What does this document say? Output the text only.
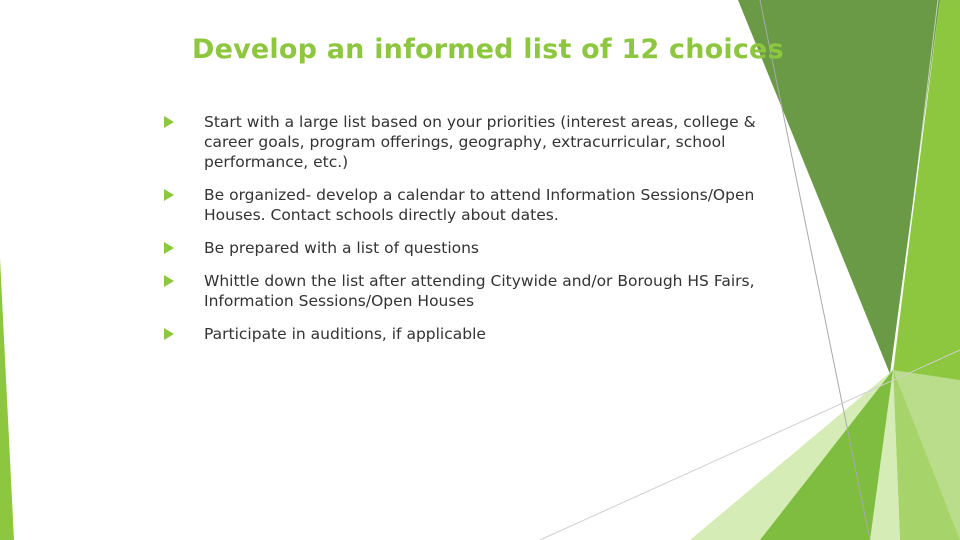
Develop an informed list of 12 choices
Start with a large list based on your priorities (interest areas, college & career goals, program offerings, geography, extracurricular, school performance, etc.)
Be organized- develop a calendar to attend Information Sessions/Open Houses. Contact schools directly about dates.
Be prepared with a list of questions
Whittle down the list after attending Citywide and/or Borough HS Fairs, Information Sessions/Open Houses
Participate in auditions, if applicable
